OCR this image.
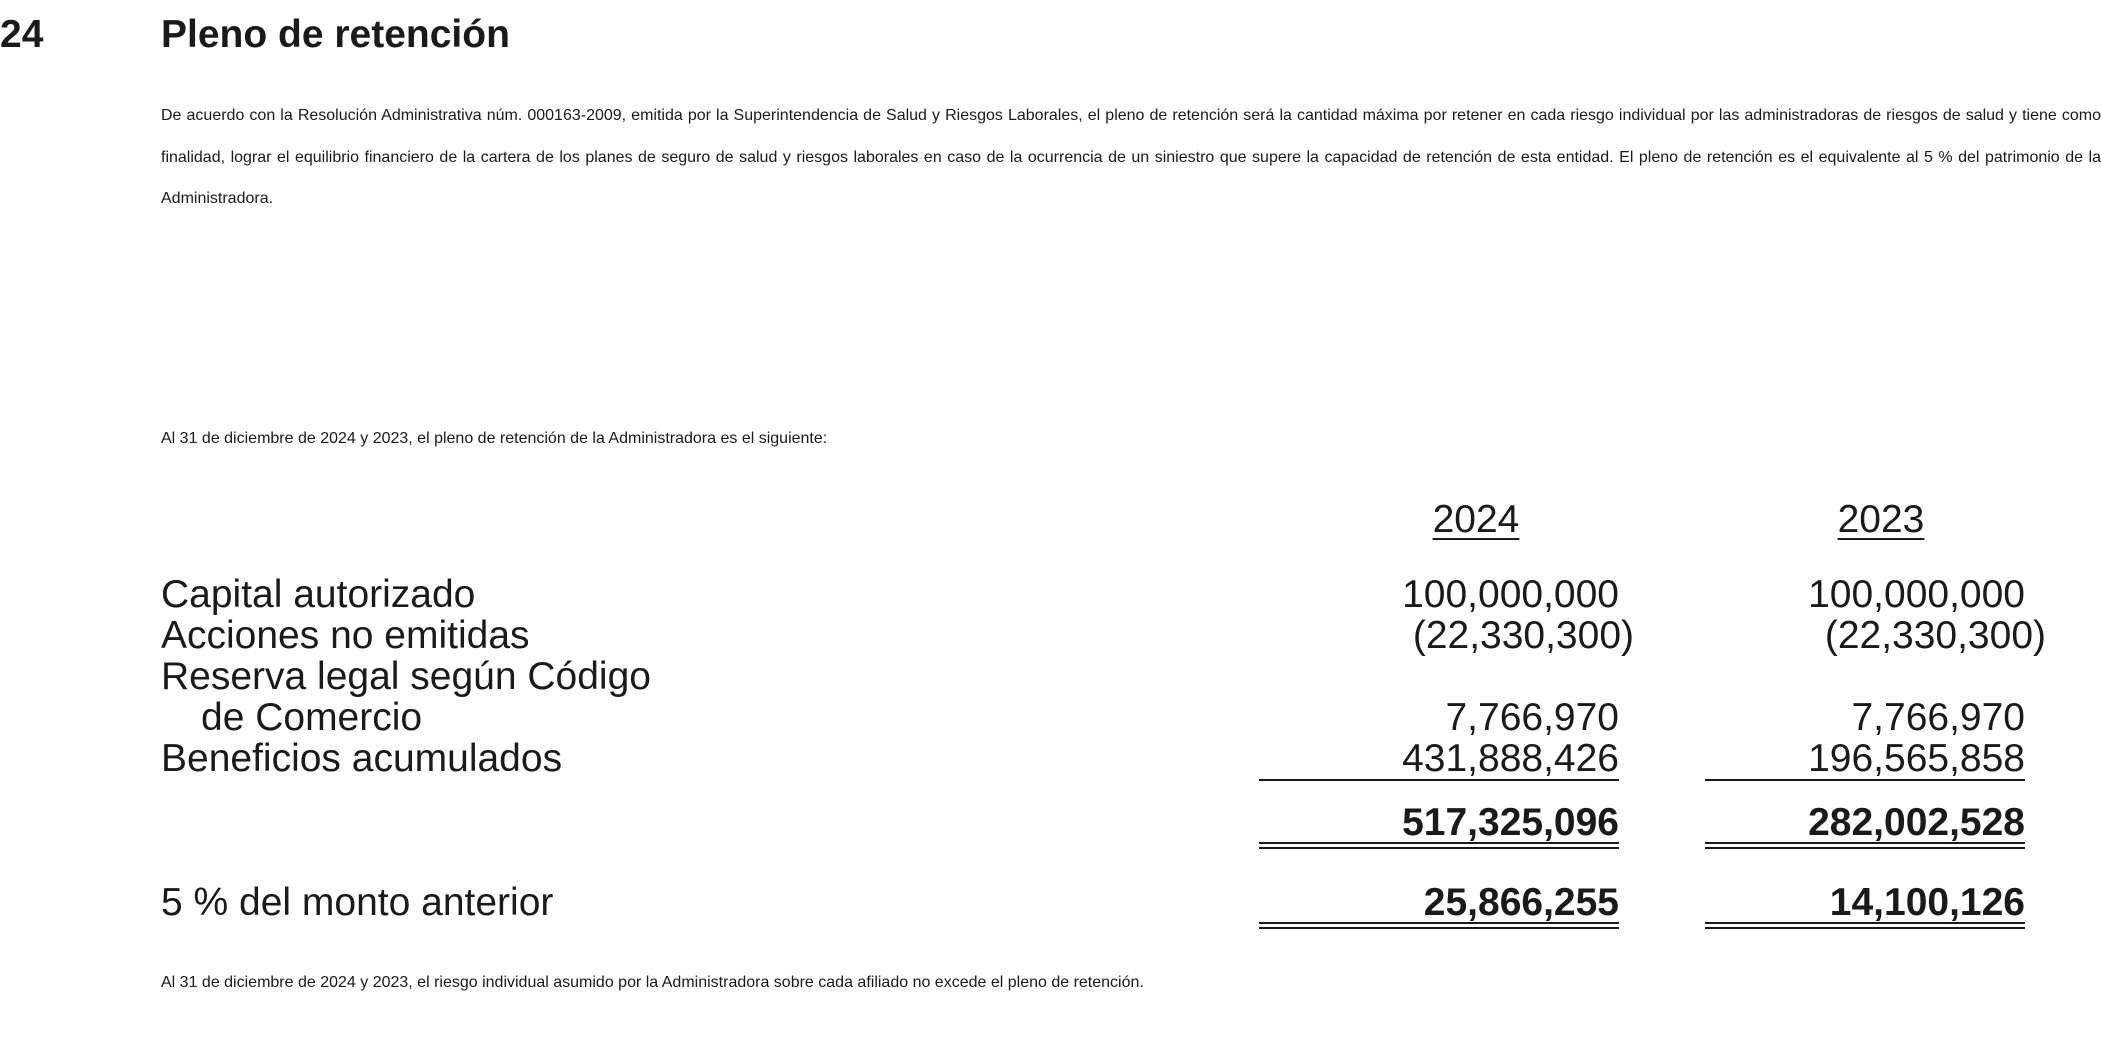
24	Pleno de retención

De acuerdo con la Resolución Administrativa núm. 000163-2009, emitida por la Superintendencia de Salud y Riesgos Laborales, el pleno de retención será la cantidad máxima por retener en cada riesgo individual por las administradoras de riesgos de salud y tiene como finalidad, lograr el equilibrio financiero de la cartera de los planes de seguro de salud y riesgos laborales en caso de la ocurrencia de un siniestro que supere la capacidad de retención de esta entidad. El pleno de retención es el equivalente al 5 % del patrimonio de la Administradora.

Al 31 de diciembre de 2024 y 2023, el pleno de retención de la Administradora es el siguiente:

2024	2023
Capital autorizado	100,000,000	100,000,000
Acciones no emitidas	(22,330,300)	(22,330,300)
Reserva legal según Código
de Comercio	7,766,970	7,766,970
Beneficios acumulados	431,888,426	196,565,858
517,325,096	282,002,528
5 % del monto anterior	25,866,255	14,100,126

Al 31 de diciembre de 2024 y 2023, el riesgo individual asumido por la Administradora sobre cada afiliado no excede el pleno de retención.
